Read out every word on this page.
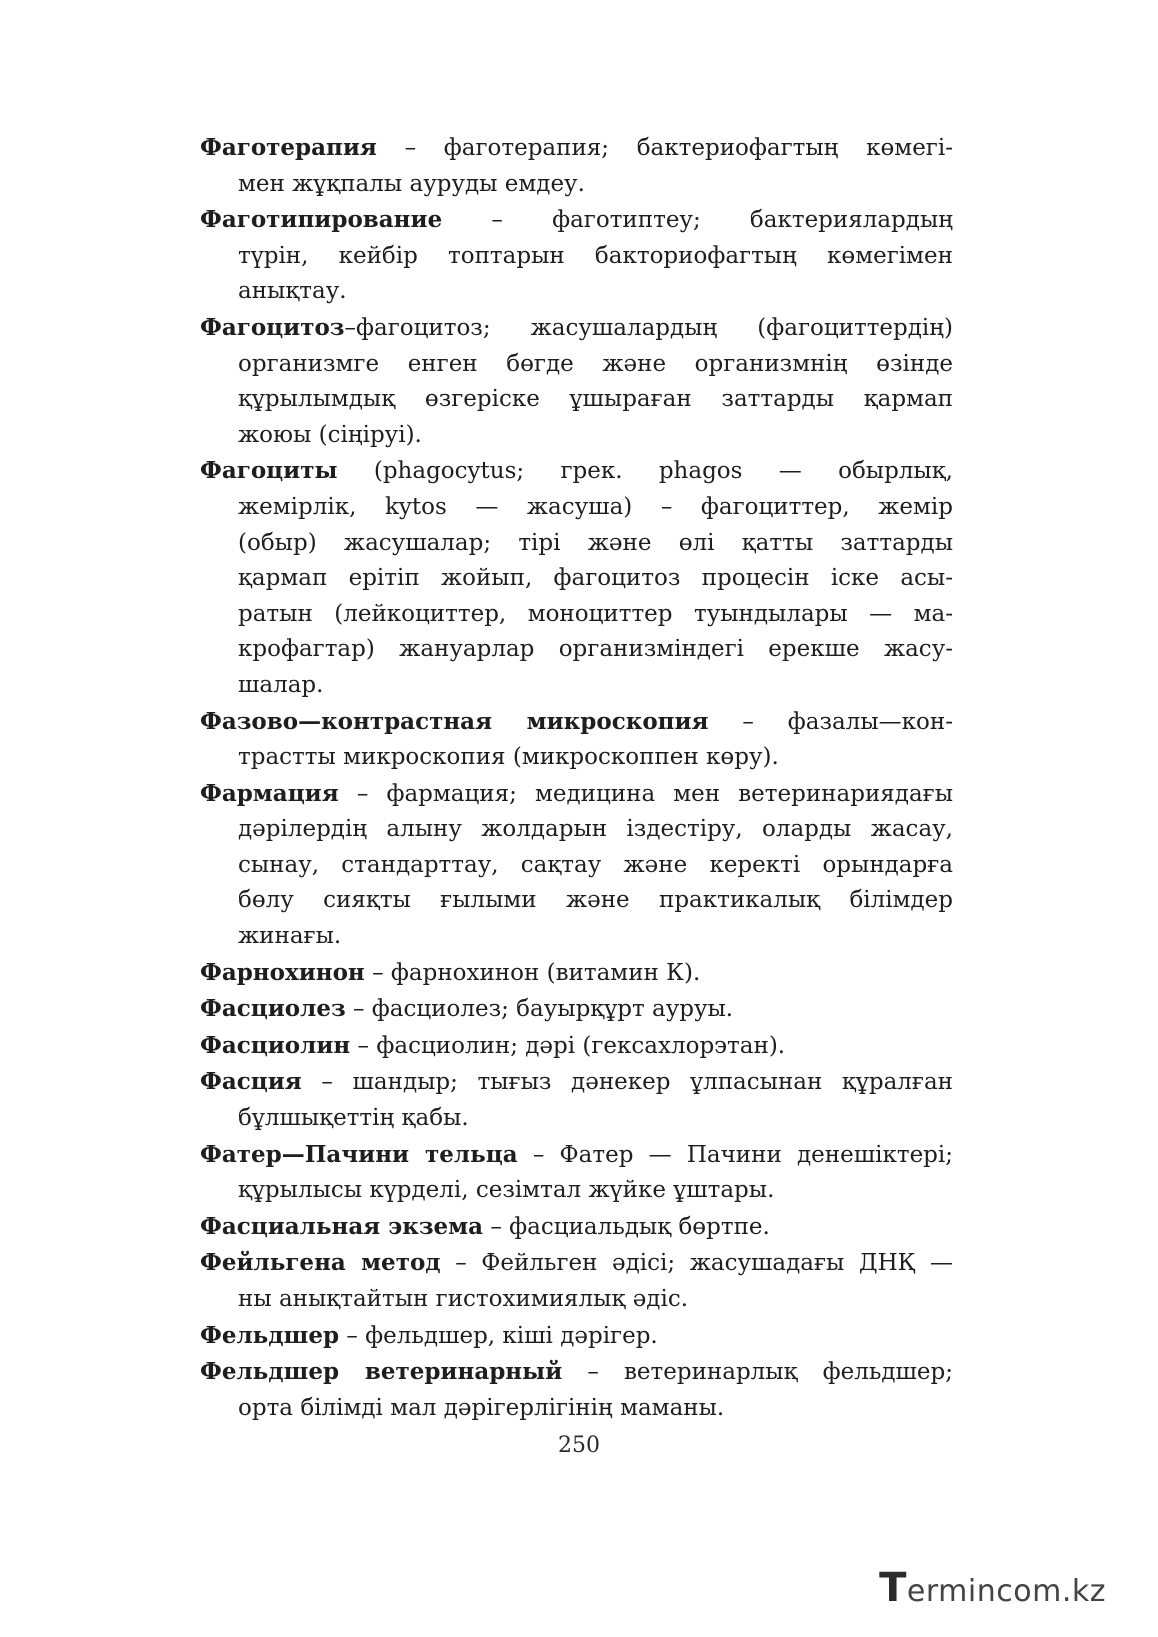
Фаготерапия – фаготерапия; бактериофагтың көмегі-
мен жұқпалы ауруды емдеу.
Фаготипирование – фаготиптеу; бактериялардың
түрін, кейбір топтарын бакториофагтың көмегімен
анықтау.
Фагоцитоз–фагоцитоз; жасушалардың (фагоциттердің)
организмге енген бөгде және организмнің өзінде
құрылымдық өзгеріске ұшыраған заттарды қармап
жоюы (сіңіруі).
Фагоциты (phagocytus; грек. phagos — обырлық,
жемірлік, kytos — жасуша) – фагоциттер, жемір
(обыр) жасушалар; тірі және өлі қатты заттарды
қармап ерітіп жойып, фагоцитоз процесін іске асы-
ратын (лейкоциттер, моноциттер туындылары — ма-
крофагтар) жануарлар организміндегі ерекше жасу-
шалар.
Фазово—контрастная микроскопия – фазалы—кон-
трастты микроскопия (микроскоппен көру).
Фармация – фармация; медицина мен ветеринариядағы
дәрілердің алыну жолдарын іздестіру, оларды жасау,
сынау, стандарттау, сақтау және керекті орындарға
бөлу сияқты ғылыми және практикалық білімдер
жинағы.
Фарнохинон – фарнохинон (витамин К).
Фасциолез – фасциолез; бауырқұрт ауруы.
Фасциолин – фасциолин; дәрі (гексахлорэтан).
Фасция – шандыр; тығыз дәнекер ұлпасынан құралған
бұлшықеттің қабы.
Фатер—Пачини тельца – Фатер — Пачини денешіктері;
құрылысы күрделі, сезімтал жүйке ұштары.
Фасциальная экзема – фасциальдық бөртпе.
Фейльгена метод – Фейльген әдісі; жасушадағы ДНҚ —
ны анықтайтын гистохимиялық әдіс.
Фельдшер – фельдшер, кіші дәрігер.
Фельдшер ветеринарный – ветеринарлық фельдшер;
орта білімді мал дәрігерлігінің маманы.
250
Termincom.kz
